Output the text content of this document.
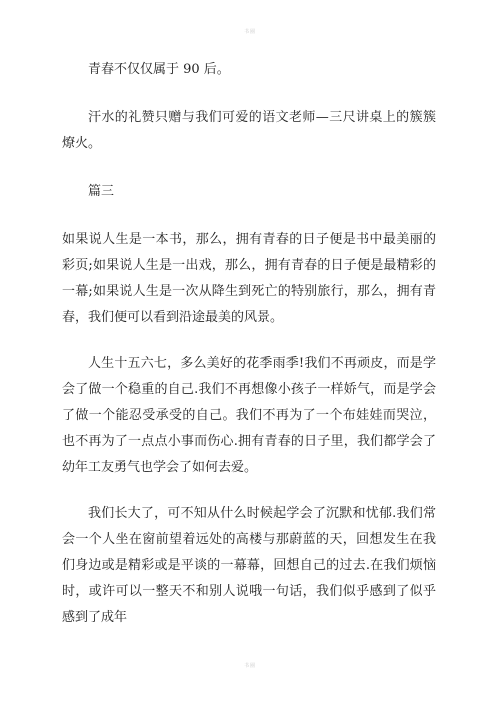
书圈

青春不仅仅属于 90 后。

汗水的礼赞只赠与我们可爱的语文老师—三尺讲桌上的簇簇燎火。

篇三

如果说人生是一本书，那么，拥有青春的日子便是书中最美丽的彩页;如果说人生是一出戏，那么，拥有青春的日子便是最精彩的一幕;如果说人生是一次从降生到死亡的特别旅行，那么，拥有青春，我们便可以看到沿途最美的风景。

人生十五六七，多么美好的花季雨季!我们不再顽皮，而是学会了做一个稳重的自己.我们不再想像小孩子一样娇气，而是学会了做一个能忍受承受的自己。我们不再为了一个布娃娃而哭泣，也不再为了一点点小事而伤心.拥有青春的日子里，我们都学会了幼年工友勇气也学会了如何去爱。

我们长大了，可不知从什么时候起学会了沉默和忧郁.我们常会一个人坐在窗前望着远处的高楼与那蔚蓝的天，回想发生在我们身边或是精彩或是平谈的一幕幕，回想自己的过去.在我们烦恼时，或许可以一整天不和别人说哦一句话，我们似乎感到了似乎感到了成年

书圈
